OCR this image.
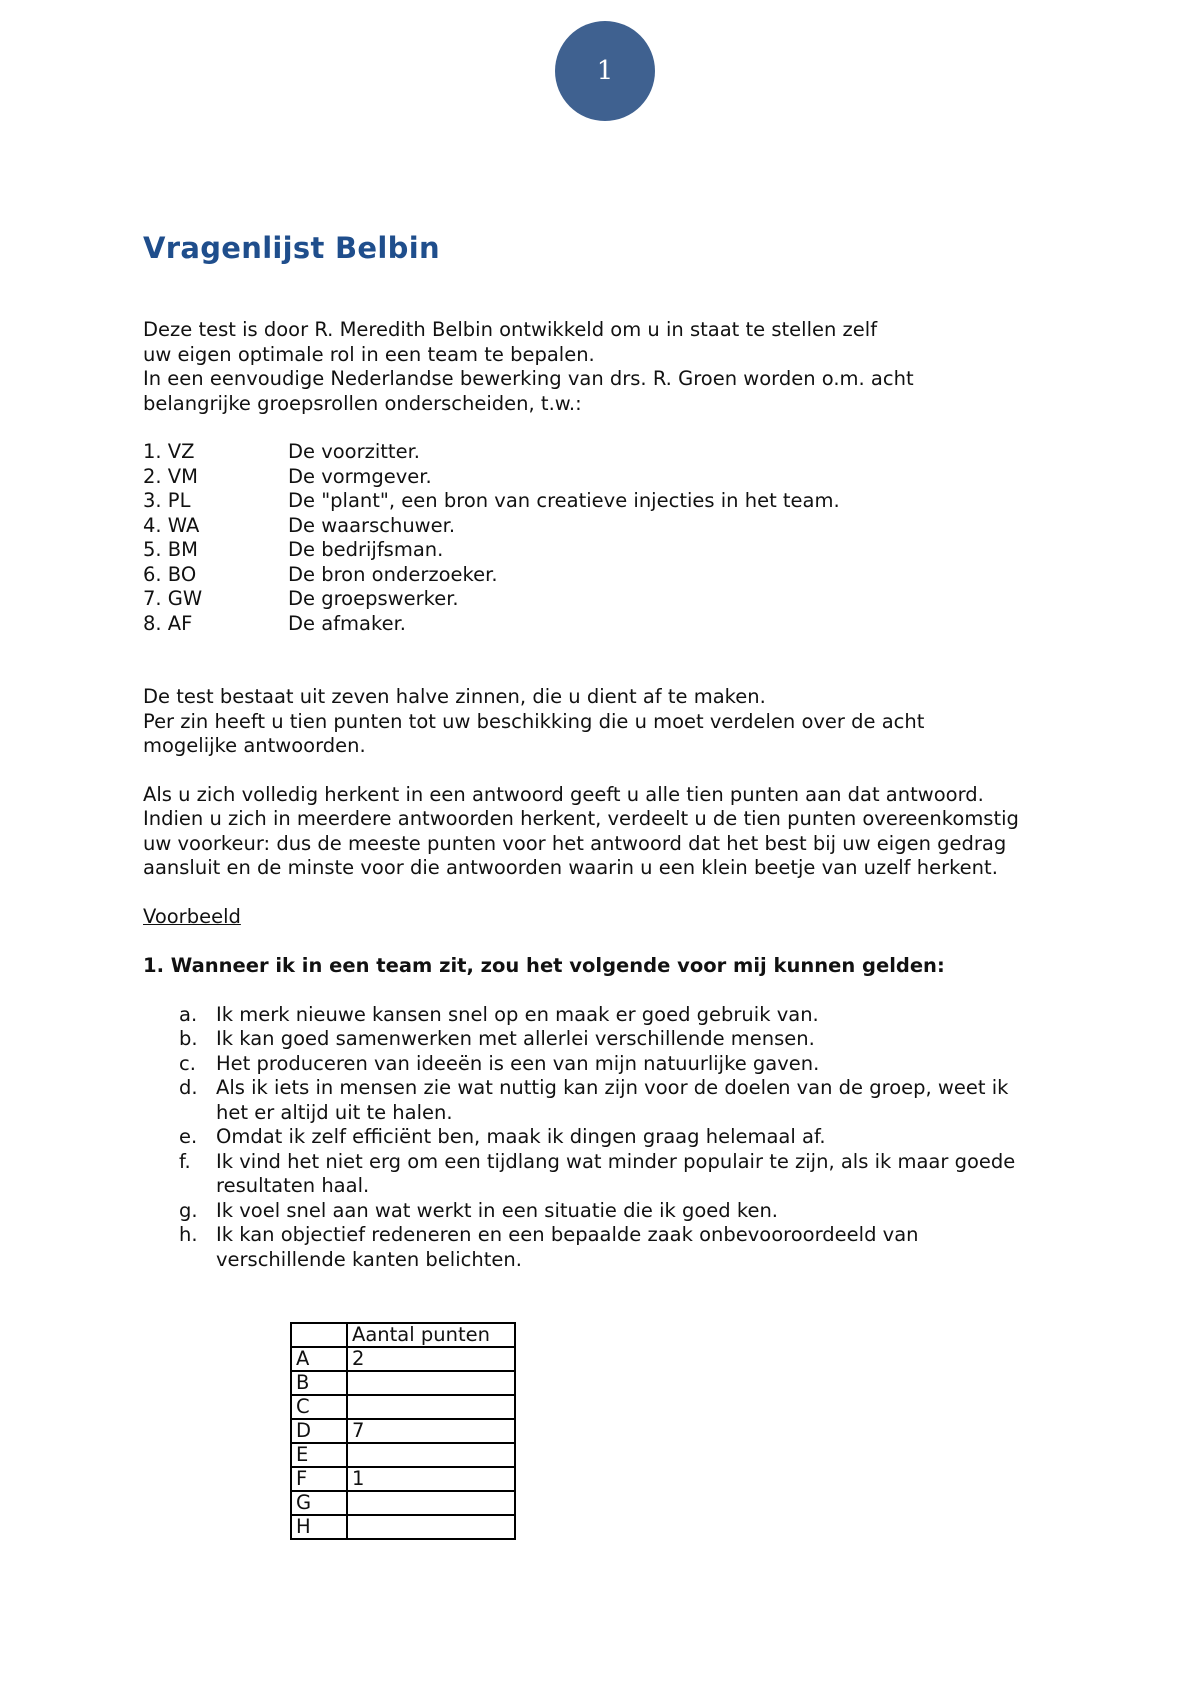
1
Vragenlijst Belbin

Deze test is door R. Meredith Belbin ontwikkeld om u in staat te stellen zelf

uw eigen optimale rol in een team te bepalen.

In een eenvoudige Nederlandse bewerking van drs. R. Groen worden o.m. acht

belangrijke groepsrollen onderscheiden, t.w.:

1. VZ	De voorzitter.
2. VM	De vormgever.
3. PL	De "plant", een bron van creatieve injecties in het team.
4. WA	De waarschuwer.
5. BM	De bedrijfsman.
6. BO	De bron onderzoeker.
7. GW	De groepswerker.
8. AF	De afmaker.

De test bestaat uit zeven halve zinnen, die u dient af te maken.

Per zin heeft u tien punten tot uw beschikking die u moet verdelen over de acht

mogelijke antwoorden.

Als u zich volledig herkent in een antwoord geeft u alle tien punten aan dat antwoord.

Indien u zich in meerdere antwoorden herkent, verdeelt u de tien punten overeenkomstig

uw voorkeur: dus de meeste punten voor het antwoord dat het best bij uw eigen gedrag

aansluit en de minste voor die antwoorden waarin u een klein beetje van uzelf herkent.

Voorbeeld

1. Wanneer ik in een team zit, zou het volgende voor mij kunnen gelden:

a. Ik merk nieuwe kansen snel op en maak er goed gebruik van.

b. Ik kan goed samenwerken met allerlei verschillende mensen.

c.	Het produceren van ideeën is een van mijn natuurlijke gaven.

d. Als ik iets in mensen zie wat nuttig kan zijn voor de doelen van de groep, weet ik

het er altijd uit te halen.

e. Omdat ik zelf efficiënt ben, maak ik dingen graag helemaal af.

f.	Ik vind het niet erg om een tijdlang wat minder populair te zijn, als ik maar goede

resultaten haal.

g. Ik voel snel aan wat werkt in een situatie die ik goed ken.

h. Ik kan objectief redeneren en een bepaalde zaak onbevooroordeeld van

verschillende kanten belichten.

	Aantal punten
A	2
B	
C	
D	7
E	
F	1
G	
H	
